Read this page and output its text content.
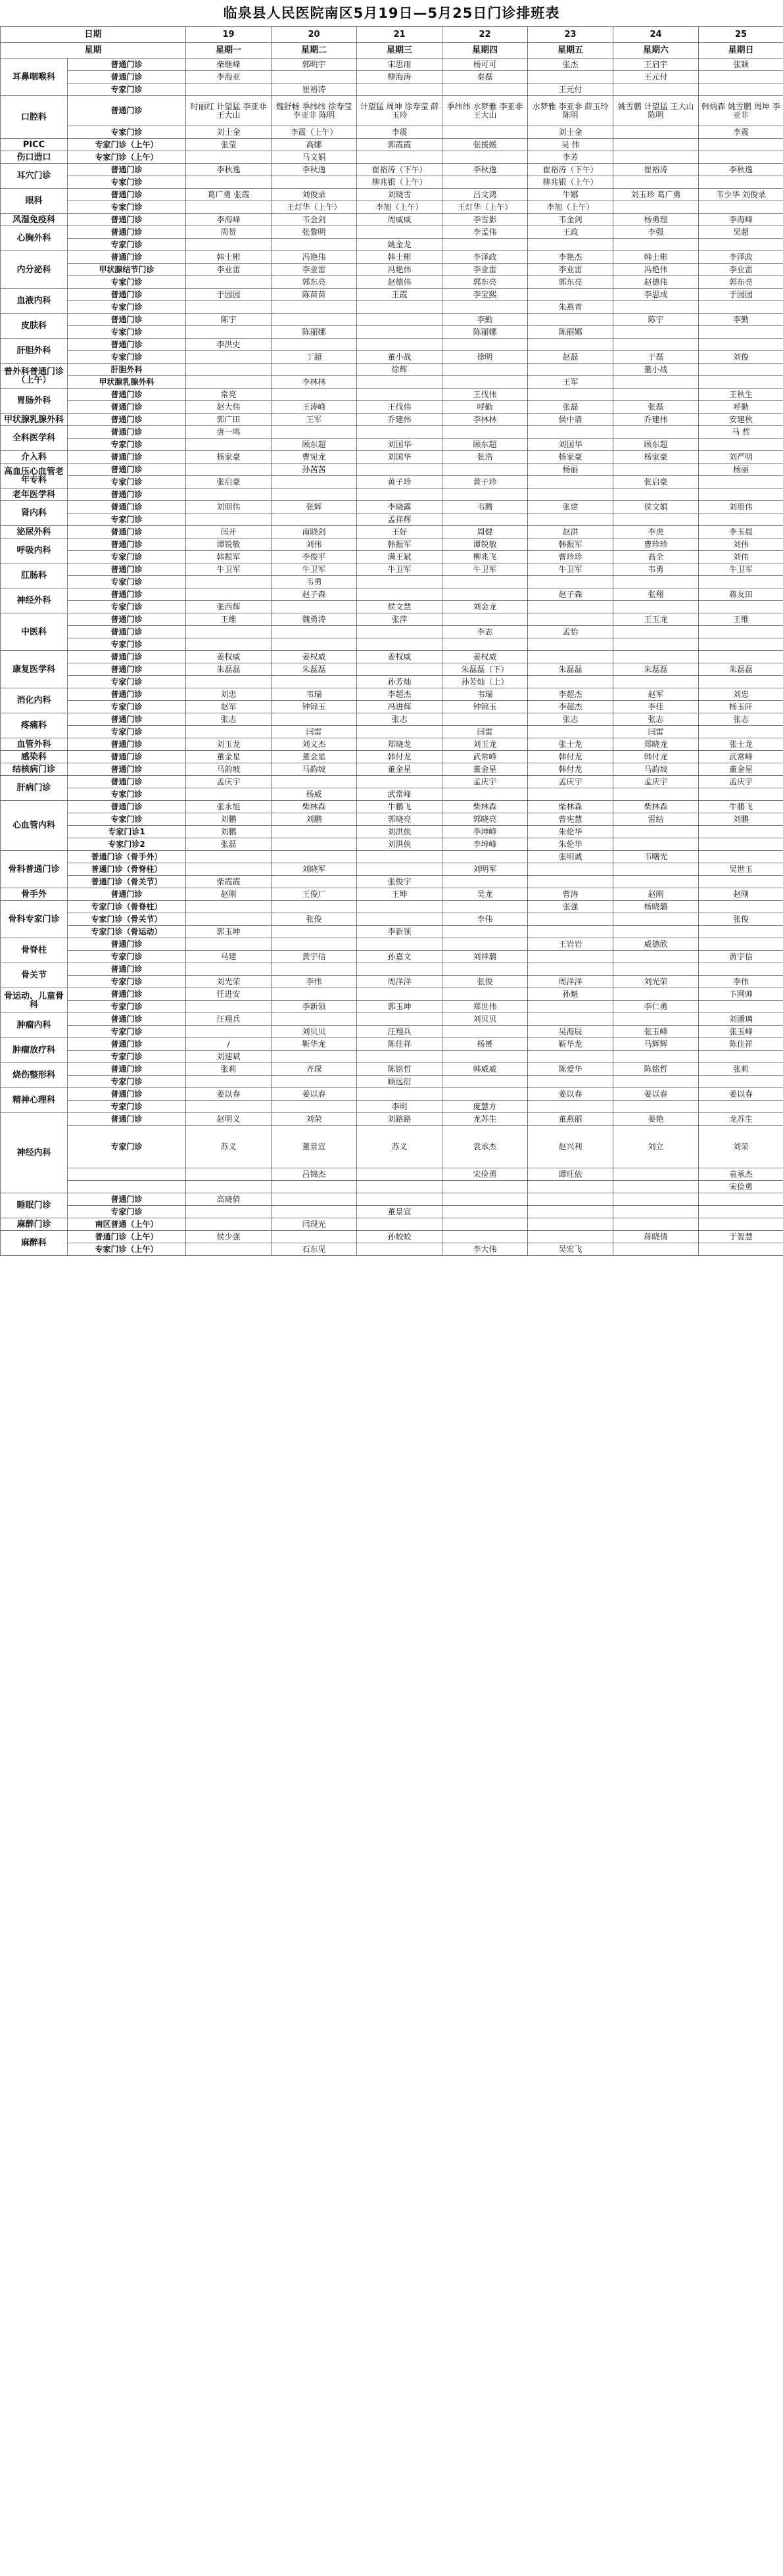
临泉县人民医院南区5月19日—5月25日门诊排班表
日期		19	20	21	22	23	24	25
星期		星期一	星期二	星期三	星期四	星期五	星期六	星期日
耳鼻咽喉科	普通门诊	柴继峰	郭明宇	宋思雨	杨可可	张杰	王启宇	张颖
	普通门诊	李海亚		柳海涛	秦磊		王元付	
	专家门诊		崔裕涛			王元付		
口腔科	普通门诊	时丽红 计望猛 李亚非 王大山	魏舒畅 季纬纬 徐寿莹 李亚非 陈明	计望猛 周坤 徐寿莹 薛玉玲	季纬纬 水梦雅 李亚非 王大山	水梦雅 李亚非 薛玉玲 陈明	姚雪鹏 计望猛 王大山 陈明	韩炳森 姚雪鹏 周坤 李亚非
	专家门诊	刘士金	李震（上午）	李震		刘士金		李震
PICC	专家门诊（上午）	张莹	高娜	郭霞霞	张援媛	吴 伟		
伤口造口	专家门诊（上午）		马文娟			李芳		
耳穴门诊	普通门诊	李秋逸	李秋逸	崔裕涛（下午）	李秋逸	崔裕涛（下午）	崔裕涛	李秋逸
	专家门诊			柳兆银（上午）		柳兆银（上午）		
眼科	普通门诊	葛广勇 张霞	刘俊录	刘晓雪	吕文鸿	牛娜	刘玉珍 葛广勇	韦少华 刘俊录
	专家门诊		王灯华（上午）	李旭（上午）	王灯华（上午）	李旭（上午）		
风湿免疫科	普通门诊	李海峰	韦金剑	周威威	李雪影	韦金剑	杨勇理	李海峰
心胸外科	普通门诊	周贺	张黎明		李孟伟	王政	李强	吴超
	专家门诊			姚金龙				
内分泌科	普通门诊	韩士彬	冯艳伟	韩士彬	李泽政	李艳杰	韩士彬	李泽政
	甲状腺结节门诊	李业雷	李业雷	冯艳伟	李业雷	李业雷	冯艳伟	李业雷
	专家门诊		郭东亮	赵德伟	郭东亮	郭东亮	赵德伟	郭东亮
血液内科	普通门诊	于园园	陈苗苗	王霞	李宝熙		李思成	于园园
	专家门诊					朱燕青		
皮肤科	普通门诊	陈宇			李勤		陈宇	李勤
	专家门诊		陈丽娜		陈丽娜	陈丽娜		
肝胆外科	普通门诊	李洪史						
	专家门诊		丁超	董小战	徐明	赵磊	于磊	刘俊
普外科普通门诊（上午）	肝胆外科			徐辉			董小战	
	甲状腺乳腺外科		李林林			王军		
胃肠外科	普通门诊	常亮			王伐伟			王秋生
	普通门诊	赵大伟	王涛峰	王伐伟	呼勤	张磊	张磊	呼勤
甲状腺乳腺外科	普通门诊	郭广田	王军	乔建伟	李林林	侯中请	乔建伟	安建秋
全科医学科	普通门诊	唐一鸣						马 哲
	专家门诊		顾东超	刘国华	顾东超	刘国华	顾东超	
介入科	普通门诊	杨家豪	曹宛龙	刘国华	张浩	杨家豪	杨家豪	刘严明
高血压心血管老年专科	普通门诊		孙茜茜			杨丽		杨丽
	专家门诊	张启豪		黄子珍	黄子珍		张启豪	
老年医学科	普通门诊							
肾内科	普通门诊	刘朋伟	张辉	李晓露	韦腾	张建	侯文娟	刘朋伟
	专家门诊			孟祥辉				
泌尿外科	普通门诊	闫开	南晓剑	王好	周健	赵洪	李虎	李玉晨
呼吸内科	普通门诊	谭锐敏	刘伟	韩振军	谭锐敏	韩振军	曹珍珍	刘伟
	专家门诊	韩振军	李俊平	满王斌	柳兆飞	曹珍珍	高全	刘伟
肛肠科	普通门诊	牛卫军	牛卫军	牛卫军	牛卫军	牛卫军	韦勇	牛卫军
	专家门诊		韦勇					
神经外科	普通门诊		赵子森			赵子森	张翔	蒋友田
	专家门诊	张西辉		侯文慧	刘金龙			
中医科	普通门诊	王维	魏勇涛	张萍			王玉龙	王维
	普通门诊				李志	孟怡		
	专家门诊							
康复医学科	普通门诊	姜权威	姜权威	姜权威	姜权威			
	普通门诊	朱磊磊	朱磊磊		朱磊磊（下）	朱磊磊	朱磊磊	朱磊磊
	专家门诊			孙芳灿	孙芳灿（上）			
消化内科	普通门诊	刘忠	韦瑞	李超杰	韦瑞	李超杰	赵军	刘忠
	专家门诊	赵军	钟锦玉	冯进辉	钟锦玉	李超杰	李佳	杨玉阡
疼痛科	普通门诊	张志		张志		张志	张志	张志
	专家门诊		闫雷		闫雷		闫雷	
血管外科	普通门诊	刘玉龙	刘义杰	郑晓龙	刘玉龙	张士龙	郑晓龙	张士龙
感染科	普通门诊	董金星	董金星	韩付龙	武常峰	韩付龙	韩付龙	武常峰
结核病门诊	普通门诊	马韵坡	马韵坡	董金星	董金星	韩付龙	马韵坡	董金星
肝病门诊	普通门诊	孟庆宇			孟庆宇	孟庆宇	孟庆宇	孟庆宇
	专家门诊		杨威	武常峰				
心血管内科	普通门诊	张永旭	柴林森	牛鹏飞	柴林森	柴林森	柴林森	牛鹏飞
	专家门诊	刘鹏	刘鹏	郭晓亮	郭晓亮	曹宪慧	雷结	刘鹏
	专家门诊1	刘鹏		刘洪侠	李坤峰	朱伦华		
	专家门诊2	张磊		刘洪侠	李坤峰	朱伦华		
骨科普通门诊	普通门诊（骨手外）					张明诚	韦曙光	
	普通门诊（骨脊柱）		刘晓军		刘明军			吴世玉
	普通门诊（骨关节）	柴霞霞		张俊宇				
骨手外	普通门诊	赵刚	王俊厂	王坤	吴龙	曹涛	赵刚	赵刚
骨科专家门诊	专家门诊（骨脊柱）					张强	杨晓璐	
	专家门诊（骨关节）		张俊		李伟			张俊
	专家门诊（骨运动）	郭玉坤		李新领				
骨脊柱	普通门诊					王岩岩	威德欣	
	专家门诊	马建	黄宇信	孙嘉文	刘祥璐			黄宇信
骨关节	普通门诊							
	专家门诊	刘光荣	李伟	周洋洋	张俊	周洋洋	刘光荣	李伟
骨运动、儿童骨科	普通门诊	任进安				孙魁		卞网帅
	专家门诊		李新领	郭玉坤	郑世伟		李仁勇	
肿瘤内科	普通门诊	汪翔兵			刘贝贝			刘潘璃
	专家门诊		刘贝贝	汪翔兵		吴海辰	张玉峰	张玉峰
肿瘤放疗科	普通门诊	/	靳华龙	陈佳祥	杨赟	靳华龙	马辉辉	陈佳祥
	专家门诊	刘速斌						
烧伤整形科	普通门诊	张莉	齐琛	陈铭哲	韩威威	陈爱华	陈铭哲	张莉
	专家门诊			顾远衍				
精神心理科	普通门诊	姜以春	姜以春			姜以春	姜以春	姜以春
	专家门诊			李明	庞慧方			
神经内科	普通门诊	赵明义	刘荣	刘路路	龙苏生	董燕丽	姜艳	龙苏生
	专家门诊	苏义	董景宣	苏义	袁承杰	赵兴利	刘立	刘荣
			吕锦杰		宋俭勇	谭旺依		袁承杰
								宋俭勇
睡眠门诊	普通门诊	高晓倩						
	专家门诊			董景宣				
麻醉门诊	南区普通（上午）		闫现光					
麻醉科	普通门诊（上午）	侯少强		孙蛟蛟			蒋晓倩	于智慧
	专家门诊（上午）		石东见		李大伟	吴宏飞		
